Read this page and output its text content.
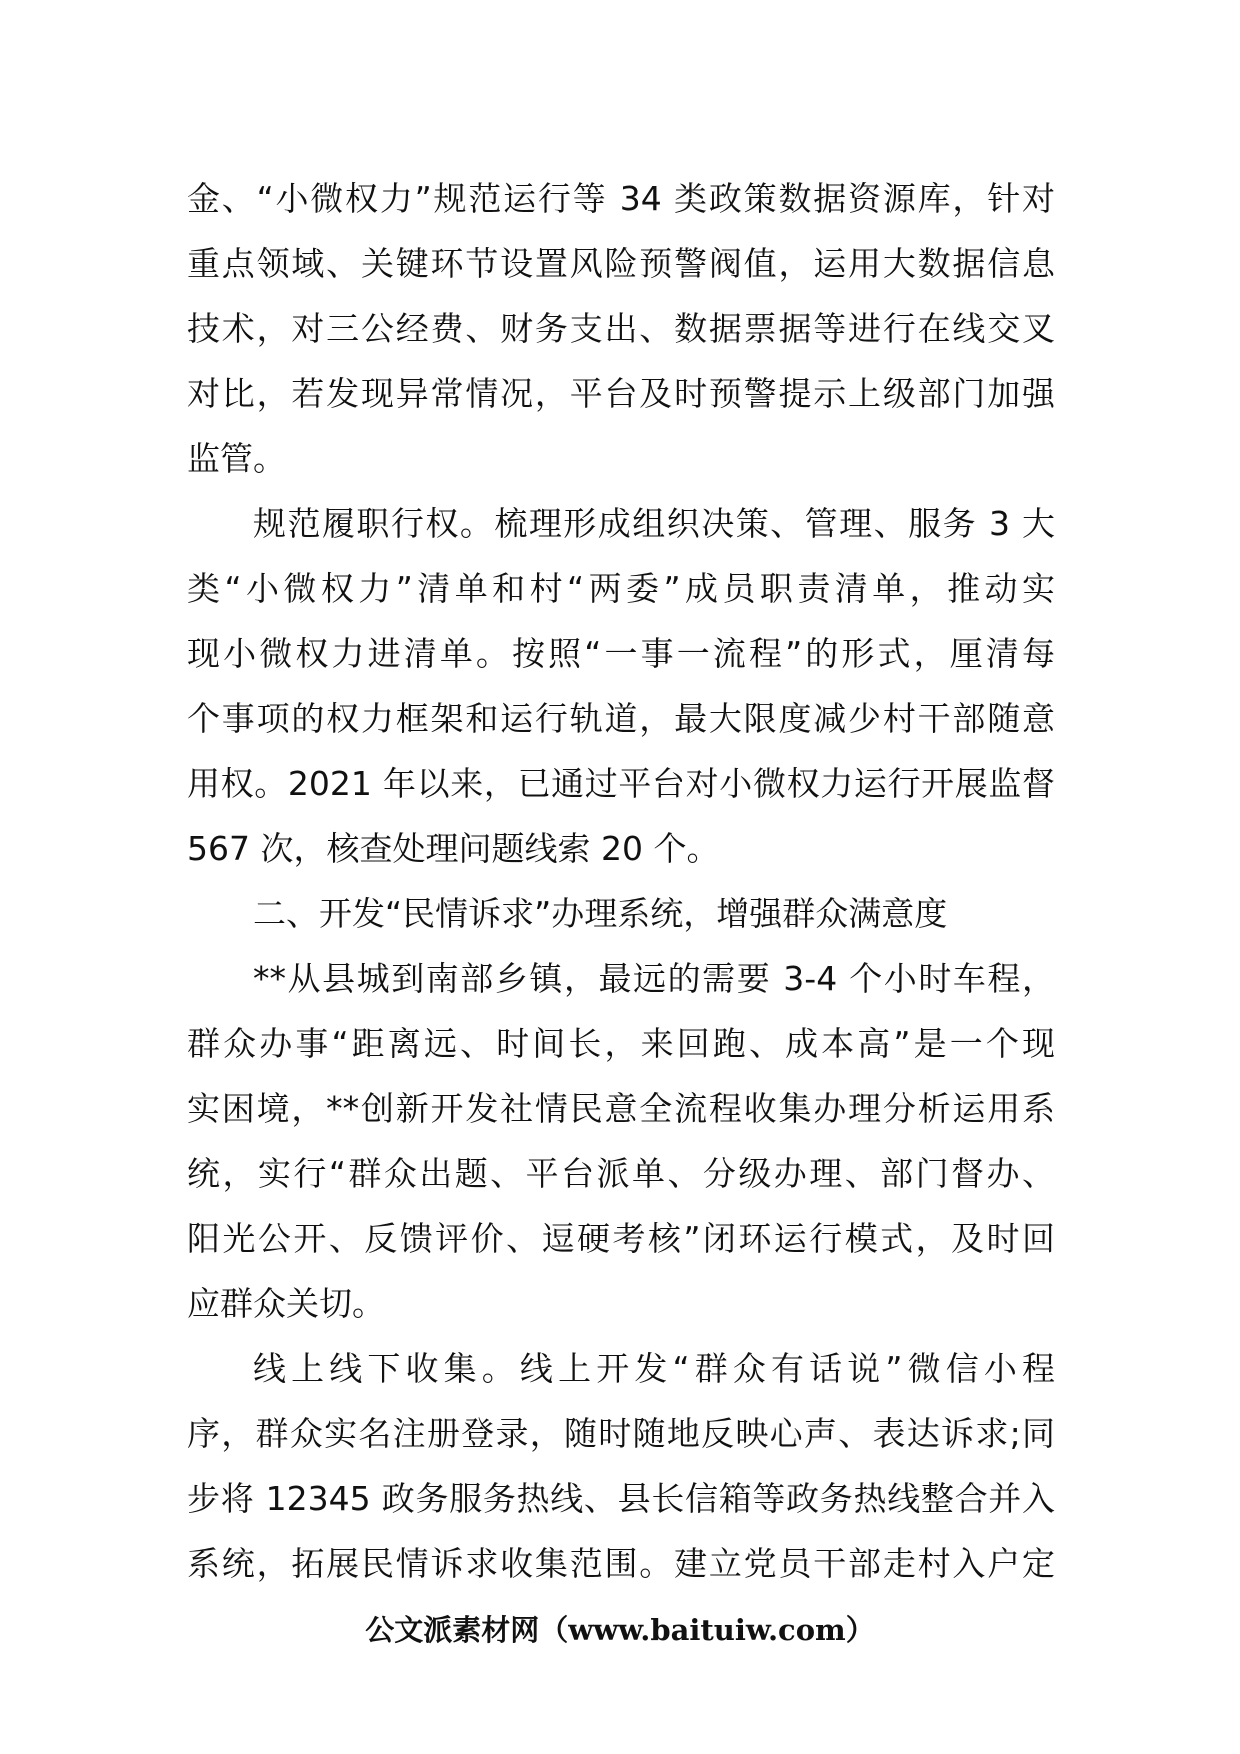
金、“小微权力”规范运行等 34 类政策数据资源库，针对
重点领域、关键环节设置风险预警阀值，运用大数据信息
技术，对三公经费、财务支出、数据票据等进行在线交叉
对比，若发现异常情况，平台及时预警提示上级部门加强
监管。
规范履职行权。梳理形成组织决策、管理、服务 3 大
类“小微权力”清单和村“两委”成员职责清单，推动实
现小微权力进清单。按照“一事一流程”的形式，厘清每
个事项的权力框架和运行轨道，最大限度减少村干部随意
用权。2021 年以来，已通过平台对小微权力运行开展监督
567 次，核查处理问题线索 20 个。
二、开发“民情诉求”办理系统，增强群众满意度
**从县城到南部乡镇，最远的需要 3-4 个小时车程，
群众办事“距离远、时间长，来回跑、成本高”是一个现
实困境，**创新开发社情民意全流程收集办理分析运用系
统，实行“群众出题、平台派单、分级办理、部门督办、
阳光公开、反馈评价、逗硬考核”闭环运行模式，及时回
应群众关切。
线上线下收集。线上开发“群众有话说”微信小程
序，群众实名注册登录，随时随地反映心声、表达诉求;同
步将 12345 政务服务热线、县长信箱等政务热线整合并入
系统，拓展民情诉求收集范围。建立党员干部走村入户定
公文派素材网（www.baituiw.com）
